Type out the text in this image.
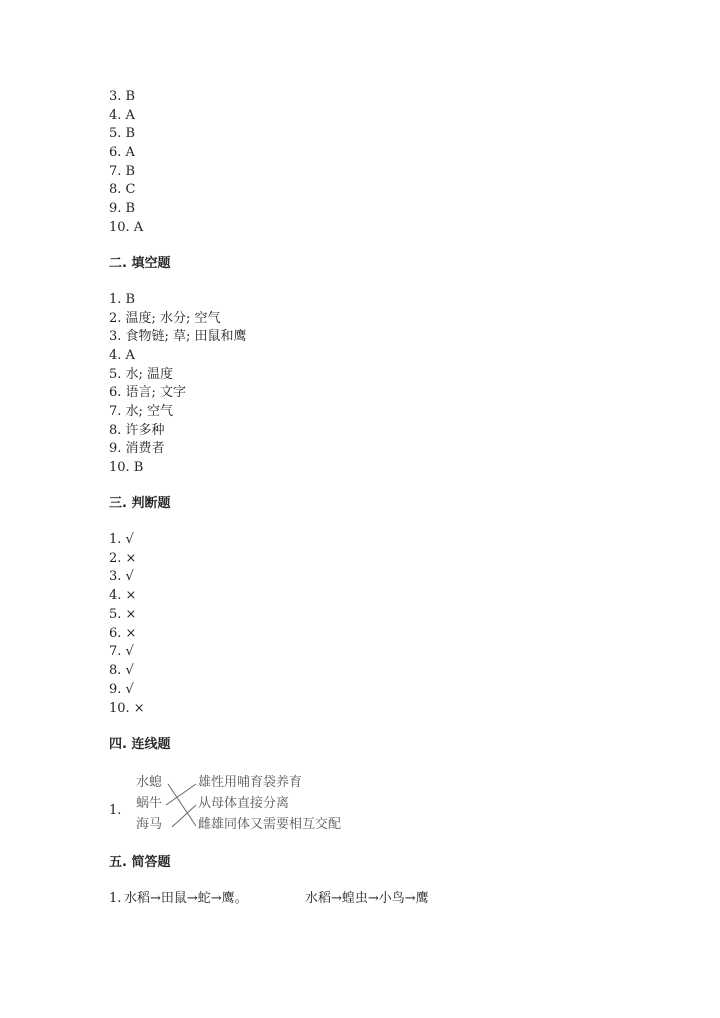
3. B
4. A
5. B
6. A
7. B
8. C
9. B
10. A
二. 填空题
1. B
2. 温度; 水分; 空气
3. 食物链; 草; 田鼠和鹰
4. A
5. 水; 温度
6. 语言; 文字
7. 水; 空气
8. 许多种
9. 消费者
10. B
三. 判断题
1. √
2. ×
3. √
4. ×
5. ×
6. ×
7. √
8. √
9. √
10. ×
四. 连线题
1.
水螅
蜗牛
海马
雄性用哺育袋养育
从母体直接分离
雌雄同体又需要相互交配
五. 简答题
1. 水稻→田鼠→蛇→鹰。	水稻→蝗虫→小鸟→鹰
